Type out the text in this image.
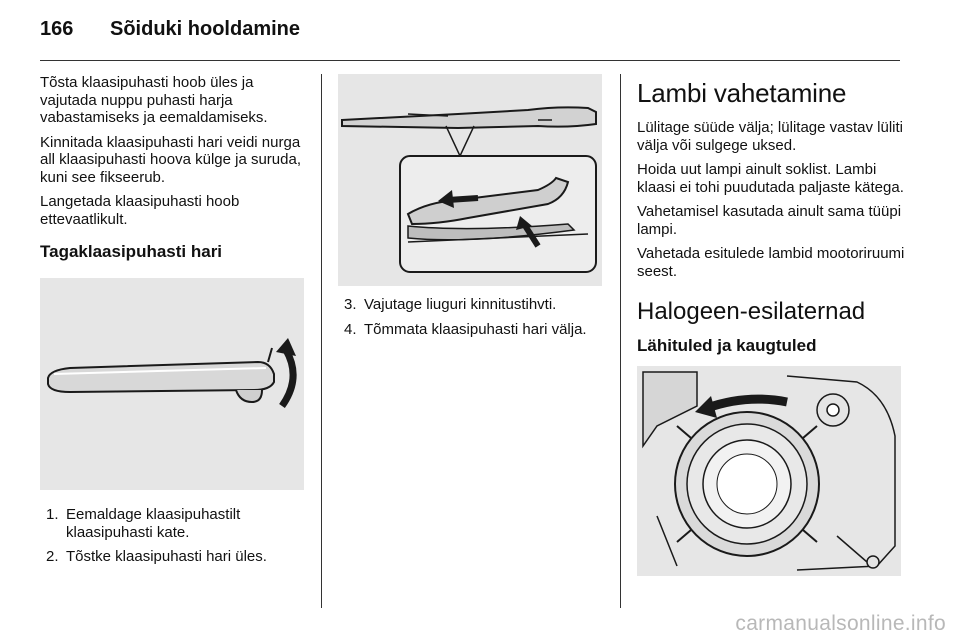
166	Sõiduki hooldamine

Tõsta klaasipuhasti hoob üles ja vajutada nuppu puhasti harja vabastamiseks ja eemaldamiseks.

Kinnitada klaasipuhasti hari veidi nurga all klaasipuhasti hoova külge ja suruda, kuni see fikseerub.

Langetada klaasipuhasti hoob ettevaatlikult.

Tagaklaasipuhasti hari
1. Eemaldage klaasipuhastilt klaasipuhasti kate.
2. Tõstke klaasipuhasti hari üles.
3. Vajutage liuguri kinnitustihvti.
4. Tõmmata klaasipuhasti hari välja.
Lambi vahetamine

Lülitage süüde välja; lülitage vastav lüliti välja või sulgege uksed.

Hoida uut lampi ainult soklist. Lambi klaasi ei tohi puudutada paljaste kätega.

Vahetamisel kasutada ainult sama tüüpi lampi.

Vahetada esitulede lambid mootoriruumi seest.

Halogeen-esilaternad
Lähituled ja kaugtuled
carmanualsonline.info
